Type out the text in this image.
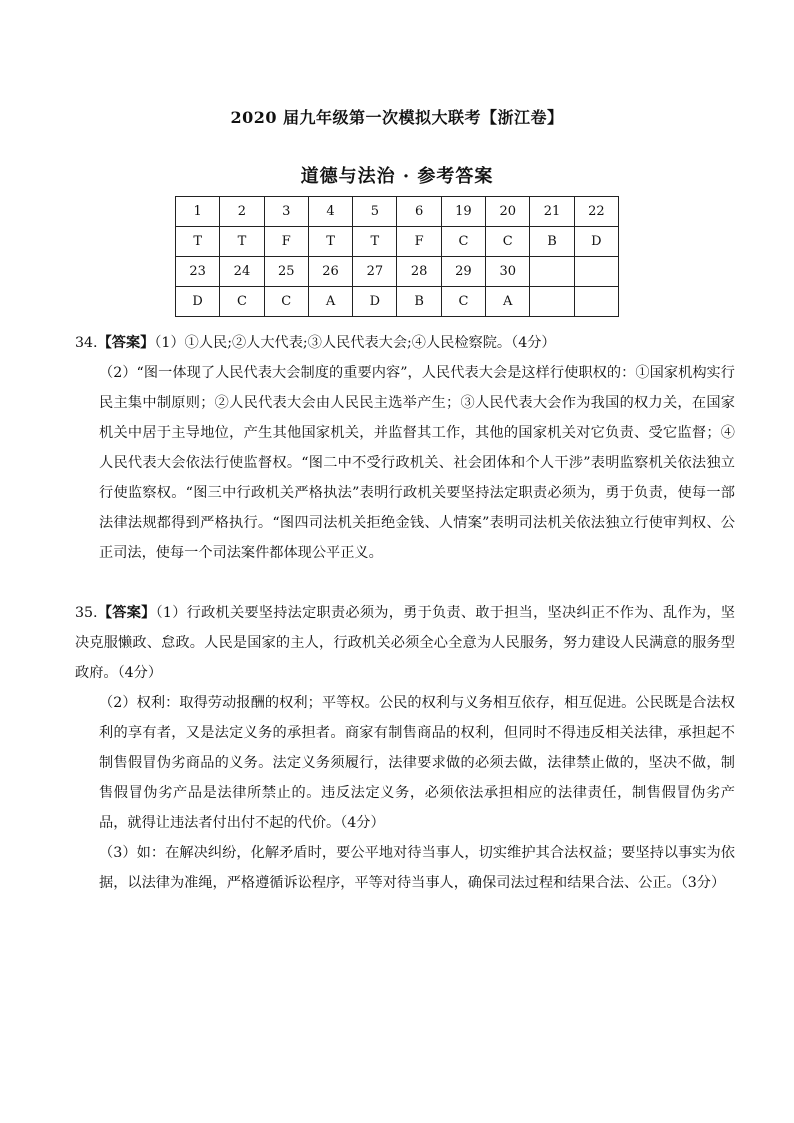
2020 届九年级第一次模拟大联考【浙江卷】
道德与法治 · 参考答案
1	2	3	4	5	6	19	20	21	22
T	T	F	T	T	F	C	C	B	D
23	24	25	26	27	28	29	30		
D	C	C	A	D	B	C	A		

34.【答案】（1）①人民;②人大代表;③人民代表大会;④人民检察院。（4分）

（2）“图一体现了人民代表大会制度的重要内容”，人民代表大会是这样行使职权的：①国家机构实行民主集中制原则；②人民代表大会由人民民主选举产生；③人民代表大会作为我国的权力关，在国家机关中居于主导地位，产生其他国家机关，并监督其工作，其他的国家机关对它负责、受它监督；④人民代表大会依法行使监督权。“图二中不受行政机关、社会团体和个人干涉”表明监察机关依法独立行使监察权。“图三中行政机关严格执法”表明行政机关要坚持法定职责必须为，勇于负责，使每一部法律法规都得到严格执行。“图四司法机关拒绝金钱、人情案”表明司法机关依法独立行使审判权、公正司法，使每一个司法案件都体现公平正义。

35.【答案】（1）行政机关要坚持法定职责必须为，勇于负责、敢于担当，坚决纠正不作为、乱作为，坚决克服懒政、怠政。人民是国家的主人，行政机关必须全心全意为人民服务，努力建设人民满意的服务型政府。（4分）

（2）权利：取得劳动报酬的权利；平等权。公民的权利与义务相互依存，相互促进。公民既是合法权利的享有者，又是法定义务的承担者。商家有制售商品的权利，但同时不得违反相关法律，承担起不制售假冒伪劣商品的义务。法定义务须履行，法律要求做的必须去做，法律禁止做的，坚决不做，制售假冒伪劣产品是法律所禁止的。违反法定义务，必须依法承担相应的法律责任，制售假冒伪劣产品，就得让违法者付出付不起的代价。（4分）

（3）如：在解决纠纷，化解矛盾时，要公平地对待当事人，切实维护其合法权益；要坚持以事实为依据，以法律为准绳，严格遵循诉讼程序，平等对待当事人，确保司法过程和结果合法、公正。（3分）
